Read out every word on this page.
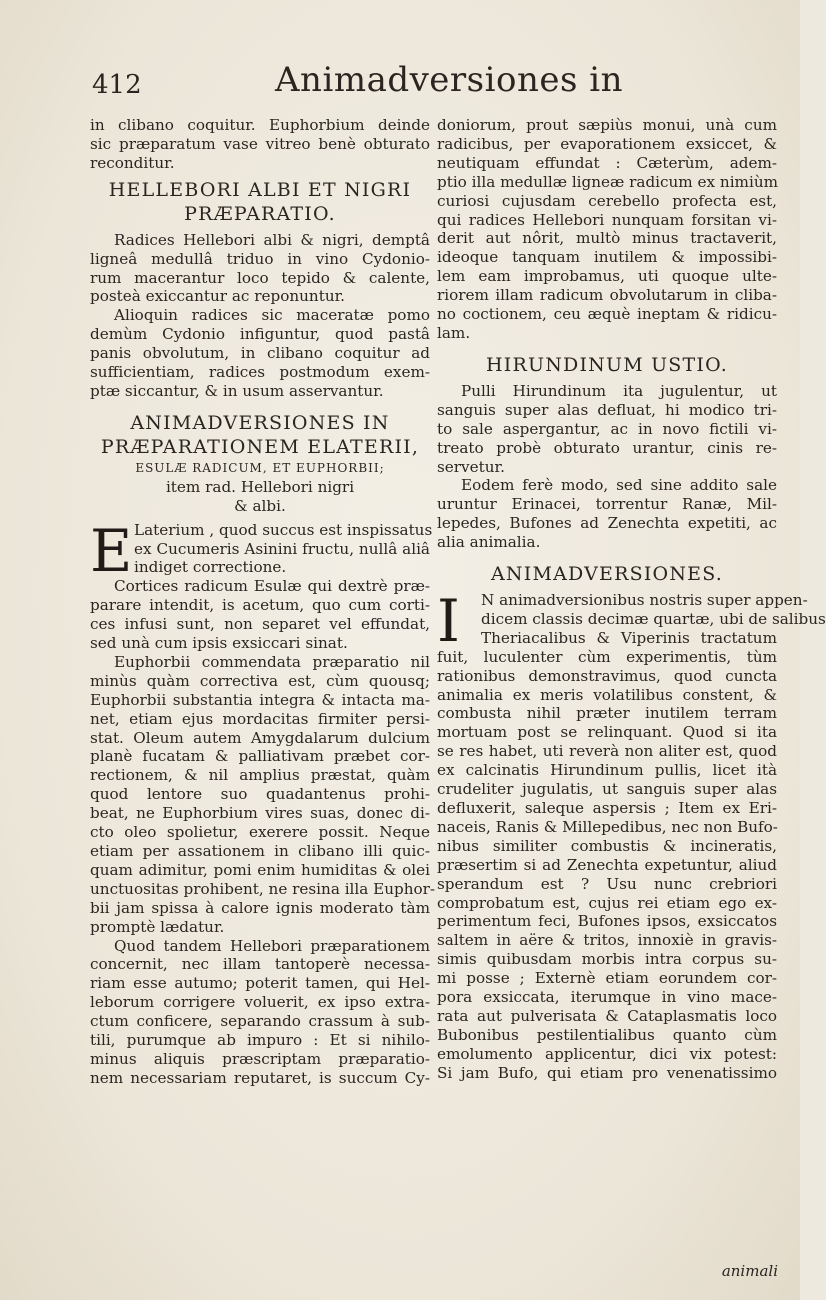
412	Animadversiones in
in clibano coquitur. Euphorbium deinde
sic præparatum vase vitreo benè obturato
reconditur.
HELLEBORI ALBI ET NIGRI
PRÆPARATIO.
Radices Hellebori albi & nigri, demptâ
ligneâ medullâ triduo in vino Cydonio-
rum macerantur loco tepido & calente,
posteà exiccantur ac reponuntur.
Alioquin radices sic maceratæ pomo
demùm Cydonio infiguntur, quod pastâ
panis obvolutum, in clibano coquitur ad
sufficientiam, radices postmodum exem-
ptæ siccantur, & in usum asservantur.
ANIMADVERSIONES IN
PRÆPARATIONEM ELATERII,
ESULÆ RADICUM, ET EUPHORBII;
item rad. Hellebori nigri
& albi.
E Laterium , quod succus est inspissatus
ex Cucumeris Asinini fructu, nullâ aliâ
indiget correctione.
Cortices radicum Esulæ qui dextrè præ-
parare intendit, is acetum, quo cum corti-
ces infusi sunt, non separet vel effundat,
sed unà cum ipsis exsiccari sinat.
Euphorbii commendata præparatio nil
minùs quàm correctiva est, cùm quousq;
Euphorbii substantia integra & intacta ma-
net, etiam ejus mordacitas firmiter persi-
stat. Oleum autem Amygdalarum dulcium
planè fucatam & palliativam præbet cor-
rectionem, & nil amplius præstat, quàm
quod lentore suo quadantenus prohi-
beat, ne Euphorbium vires suas, donec di-
cto oleo spolietur, exerere possit. Neque
etiam per assationem in clibano illi quic-
quam adimitur, pomi enim humiditas & olei
unctuositas prohibent, ne resina illa Euphor-
bii jam spissa à calore ignis moderato tàm
promptè lædatur.
Quod tandem Hellebori præparationem
concernit, nec illam tantoperè necessa-
riam esse autumo; poterit tamen, qui Hel-
leborum corrigere voluerit, ex ipso extra-
ctum conficere, separando crassum à sub-
tili, purumque ab impuro : Et si nihilo-
minus aliquis præscriptam præparatio-
nem necessariam reputaret, is succum Cy-
doniorum, prout sæpiùs monui, unà cum
radicibus, per evaporationem exsiccet, &
neutiquam effundat : Cæterùm, adem-
ptio illa medullæ ligneæ radicum ex nimiùm
curiosi cujusdam cerebello profecta est,
qui radices Hellebori nunquam forsitan vi-
derit aut nôrit, multò minus tractaverit,
ideoque tanquam inutilem & impossibi-
lem eam improbamus, uti quoque ulte-
riorem illam radicum obvolutarum in cliba-
no coctionem, ceu æquè ineptam & ridicu-
lam.
HIRUNDINUM USTIO.
Pulli Hirundinum ita jugulentur, ut
sanguis super alas defluat, hi modico tri-
to sale aspergantur, ac in novo fictili vi-
treato probè obturato urantur, cinis re-
servetur.
Eodem ferè modo, sed sine addito sale
uruntur Erinacei, torrentur Ranæ, Mil-
lepedes, Bufones ad Zenechta expetiti, ac
alia animalia.
ANIMADVERSIONES.
I	N animadversionibus nostris super appen-
dicem classis decimæ quartæ, ubi de salibus
Theriacalibus & Viperinis tractatum
fuit, luculenter cùm experimentis, tùm
rationibus demonstravimus, quod cuncta
animalia ex meris volatilibus constent, &
combusta nihil præter inutilem terram
mortuam post se relinquant. Quod si ita
se res habet, uti reverà non aliter est, quod
ex calcinatis Hirundinum pullis, licet ità
crudeliter jugulatis, ut sanguis super alas
defluxerit, saleque aspersis ; Item ex Eri-
naceis, Ranis & Millepedibus, nec non Bufo-
nibus similiter combustis & incineratis,
præsertim si ad Zenechta expetuntur, aliud
sperandum est ? Usu nunc crebriori
comprobatum est, cujus rei etiam ego ex-
perimentum feci, Bufones ipsos, exsiccatos
saltem in aëre & tritos, innoxiè in gravis-
simis quibusdam morbis intra corpus su-
mi posse ; Externè etiam eorundem cor-
pora exsiccata, iterumque in vino mace-
rata aut pulverisata & Cataplasmatis loco
Bubonibus pestilentialibus quanto cùm
emolumento applicentur, dici vix potest:
Si jam Bufo, qui etiam pro venenatissimo
animali
